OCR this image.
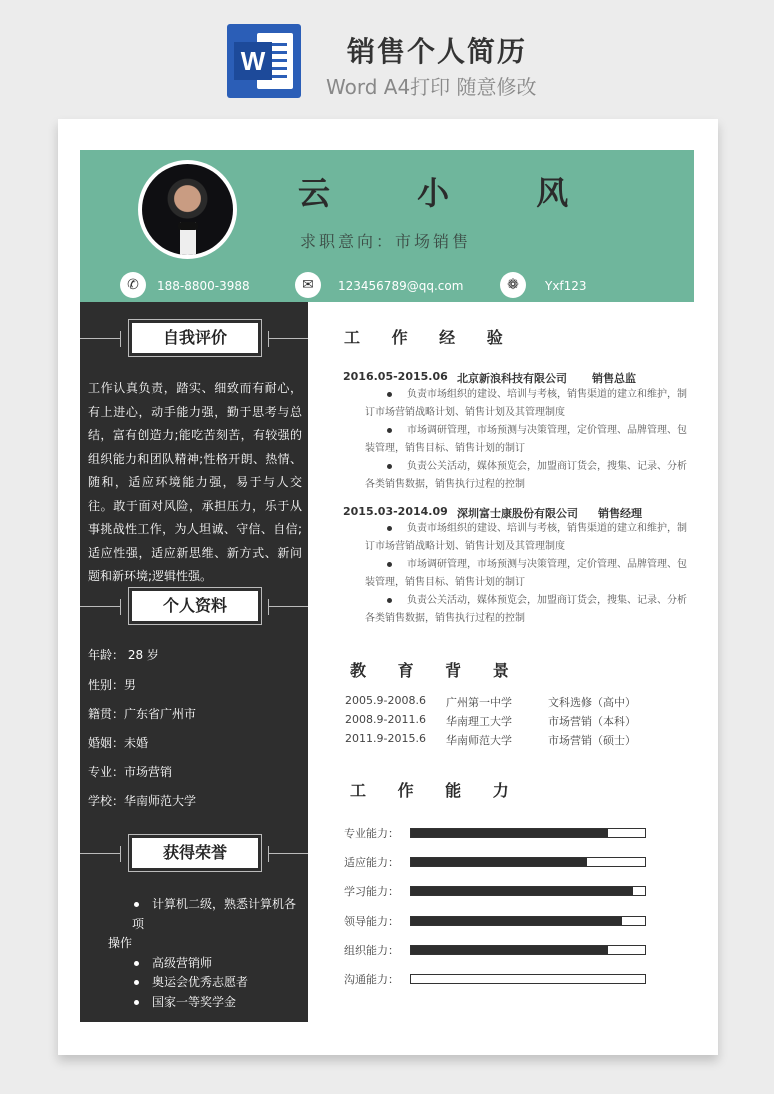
W	销售个人简历
Word A4打印 随意修改
云 小 风
求职意向：市场销售
✆	188-8800-3988	✉	123456789@qq.com	❁	Yxf123
自我评价
工作认真负责，踏实、细致而有耐心，有上进心，动手能力强，勤于思考与总结，富有创造力;能吃苦刻苦，有较强的组织能力和团队精神;性格开朗、热情、随和，适应环境能力强，易于与人交往。敢于面对风险，承担压力，乐于从事挑战性工作，为人坦诚、守信、自信;适应性强，适应新思维、新方式、新问题和新环境;逻辑性强。
个人资料
年龄： 28 岁
性别：男
籍贯：广东省广州市
婚姻：未婚
专业：市场营销
学校：华南师范大学
获得荣誉
计算机二级，熟悉计算机各项
操作
高级营销师
奥运会优秀志愿者
国家一等奖学金
工 作 经 验
2016.05-2015.06 北京新浪科技有限公司 销售总监
负责市场组织的建设、培训与考核，销售渠道的建立和维护，制订市场营销战略计划、销售计划及其管理制度
市场调研管理，市场预测与决策管理，定价管理、品牌管理、包装管理，销售目标、销售计划的制订
负责公关活动，媒体预览会，加盟商订货会，搜集、记录、分析各类销售数据，销售执行过程的控制
2015.03-2014.09 深圳富士康股份有限公司 销售经理
负责市场组织的建设、培训与考核，销售渠道的建立和维护，制订市场营销战略计划、销售计划及其管理制度
市场调研管理，市场预测与决策管理，定价管理、品牌管理、包装管理，销售目标、销售计划的制订
负责公关活动，媒体预览会，加盟商订货会，搜集、记录、分析各类销售数据，销售执行过程的控制
教 育 背 景
2005.9-2008.6 广州第一中学	文科选修（高中）
2008.9-2011.6 华南理工大学	市场营销（本科）
2011.9-2015.6 华南师范大学	市场营销（硕士）
工 作 能 力
专业能力：
适应能力：
学习能力：
领导能力：
组织能力：
沟通能力：
